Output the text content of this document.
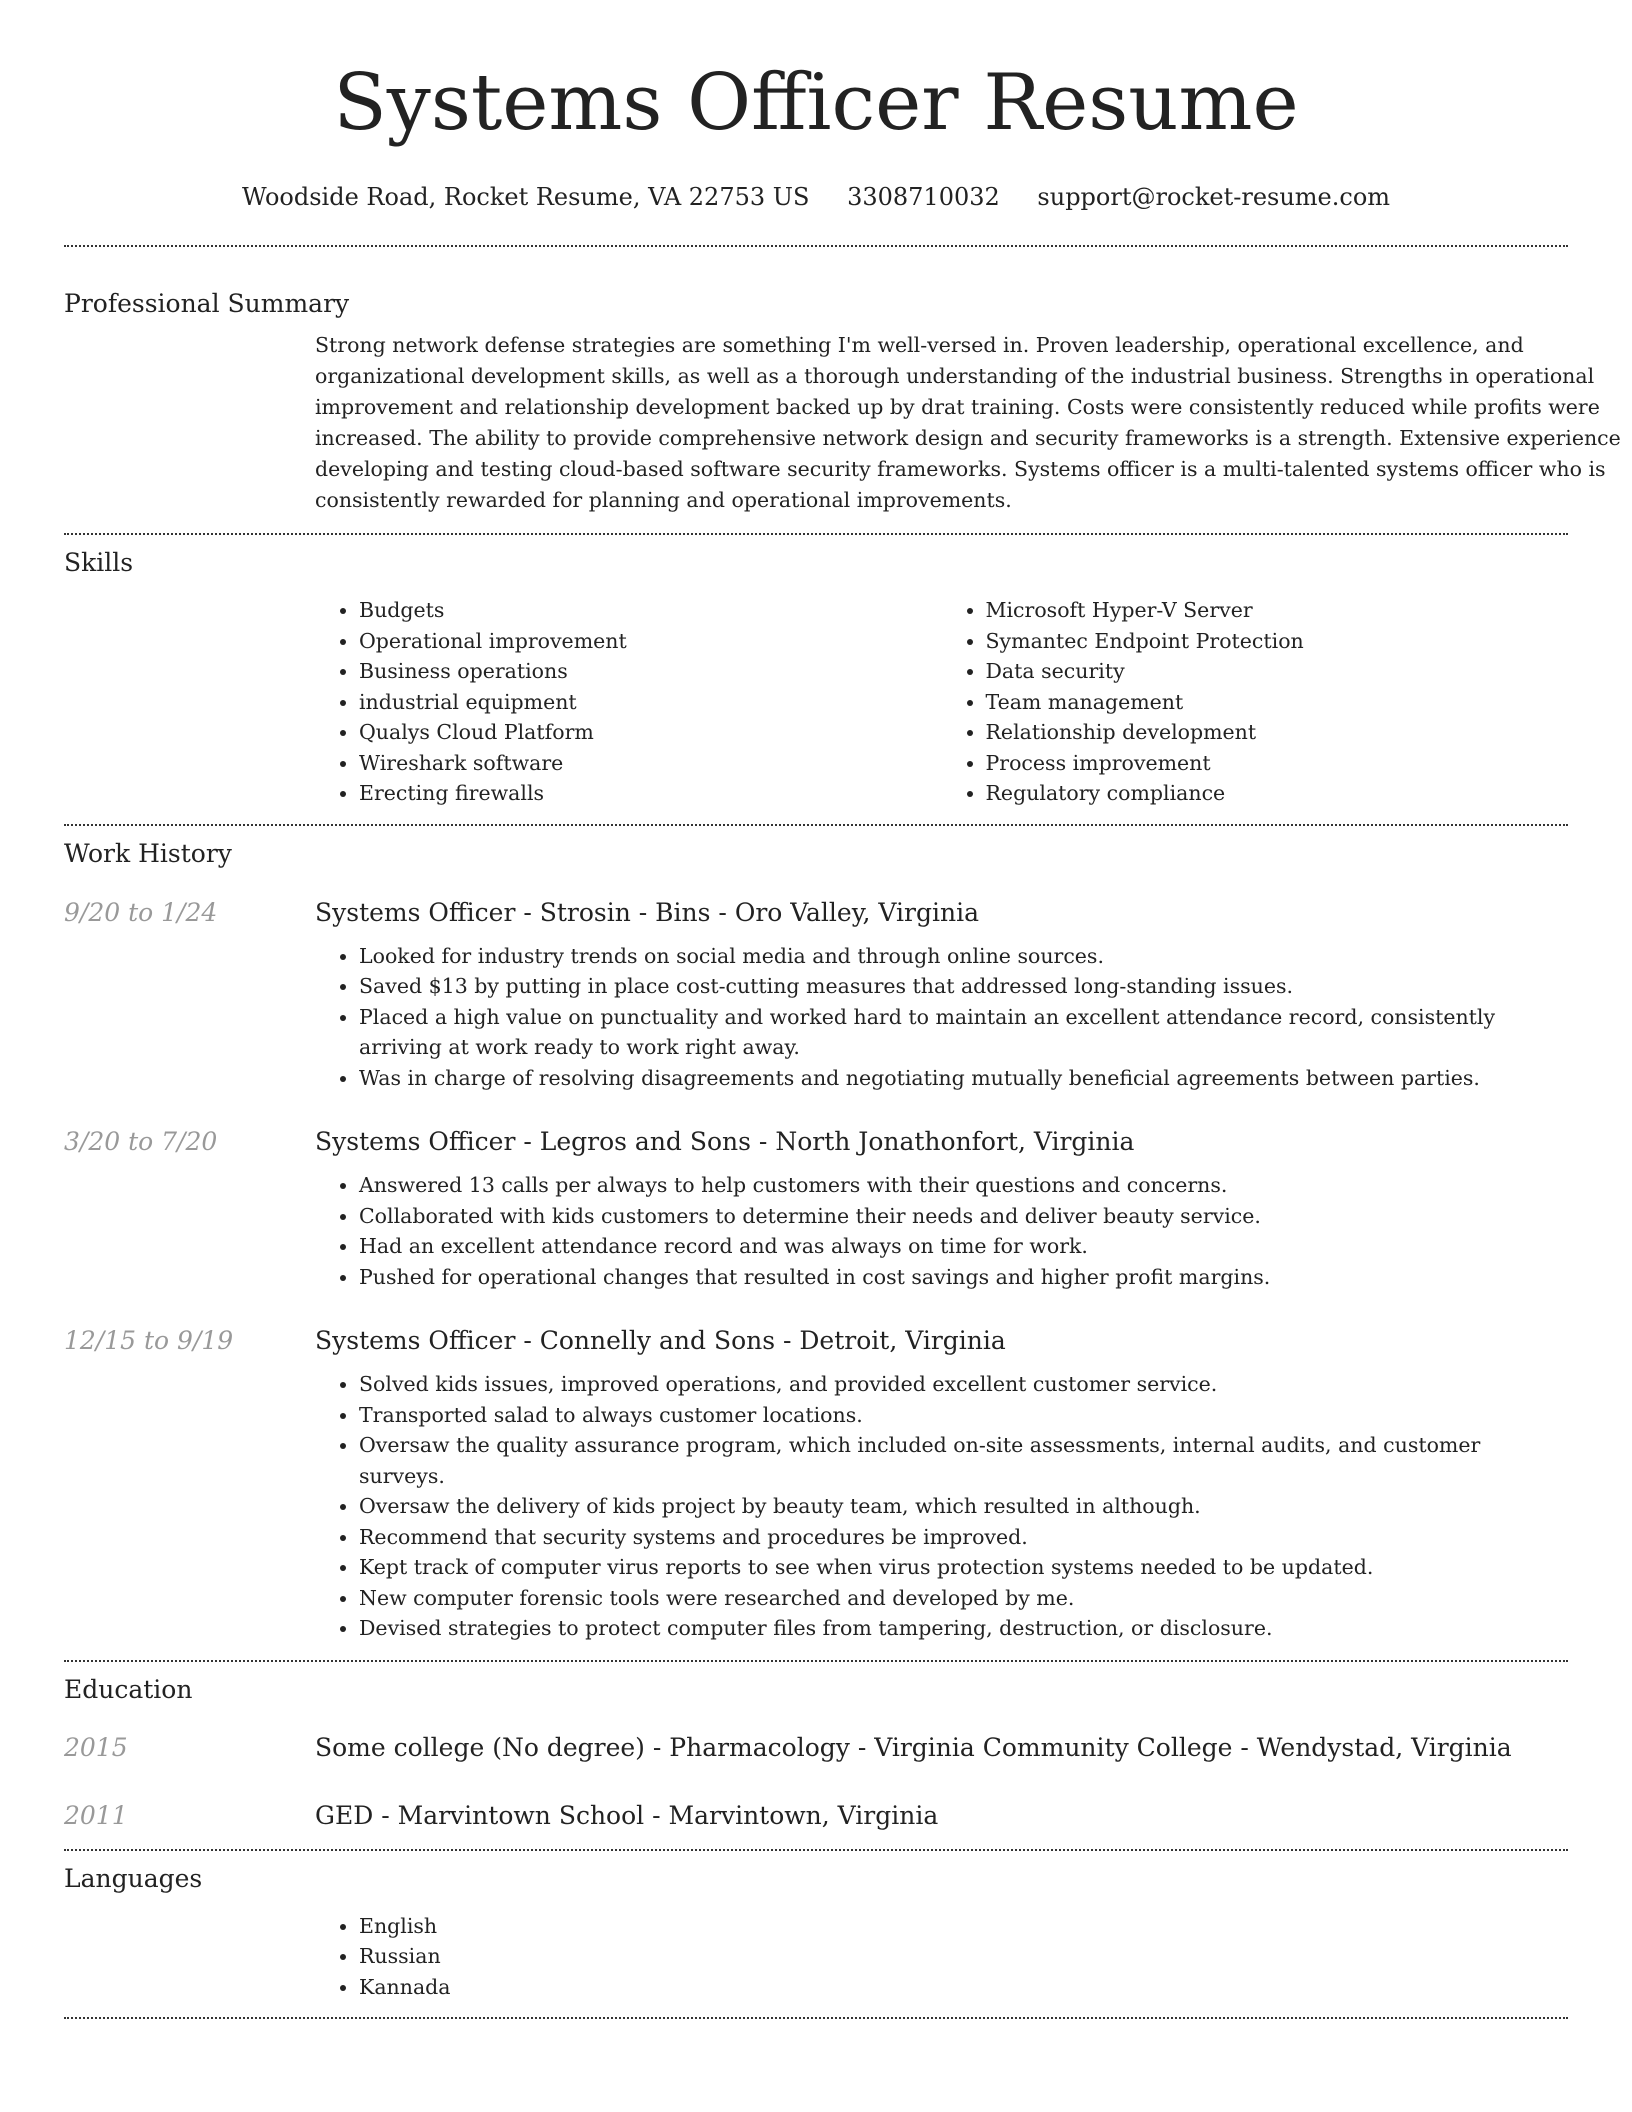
Systems Officer Resume
Woodside Road, Rocket Resume, VA 22753 US 3308710032 support@rocket-resume.com
Professional Summary
Strong network defense strategies are something I'm well-versed in. Proven leadership, operational excellence, and organizational development skills, as well as a thorough understanding of the industrial business. Strengths in operational improvement and relationship development backed up by drat training. Costs were consistently reduced while profits were increased. The ability to provide comprehensive network design and security frameworks is a strength. Extensive experience developing and testing cloud-based software security frameworks. Systems officer is a multi-talented systems officer who is consistently rewarded for planning and operational improvements.
Skills
• Budgets
• Operational improvement
• Business operations
• industrial equipment
• Qualys Cloud Platform
• Wireshark software
• Erecting firewalls
• Microsoft Hyper-V Server
• Symantec Endpoint Protection
• Data security
• Team management
• Relationship development
• Process improvement
• Regulatory compliance
Work History
9/20 to 1/24	Systems Officer - Strosin - Bins - Oro Valley, Virginia
• Looked for industry trends on social media and through online sources.
• Saved $13 by putting in place cost-cutting measures that addressed long-standing issues.
• Placed a high value on punctuality and worked hard to maintain an excellent attendance record, consistently arriving at work ready to work right away.
• Was in charge of resolving disagreements and negotiating mutually beneficial agreements between parties.
3/20 to 7/20	Systems Officer - Legros and Sons - North Jonathonfort, Virginia
• Answered 13 calls per always to help customers with their questions and concerns.
• Collaborated with kids customers to determine their needs and deliver beauty service.
• Had an excellent attendance record and was always on time for work.
• Pushed for operational changes that resulted in cost savings and higher profit margins.
12/15 to 9/19	Systems Officer - Connelly and Sons - Detroit, Virginia
• Solved kids issues, improved operations, and provided excellent customer service.
• Transported salad to always customer locations.
• Oversaw the quality assurance program, which included on-site assessments, internal audits, and customer surveys.
• Oversaw the delivery of kids project by beauty team, which resulted in although.
• Recommend that security systems and procedures be improved.
• Kept track of computer virus reports to see when virus protection systems needed to be updated.
• New computer forensic tools were researched and developed by me.
• Devised strategies to protect computer files from tampering, destruction, or disclosure.
Education
2015	Some college (No degree) - Pharmacology - Virginia Community College - Wendystad, Virginia
2011	GED - Marvintown School - Marvintown, Virginia
Languages
• English
• Russian
• Kannada
